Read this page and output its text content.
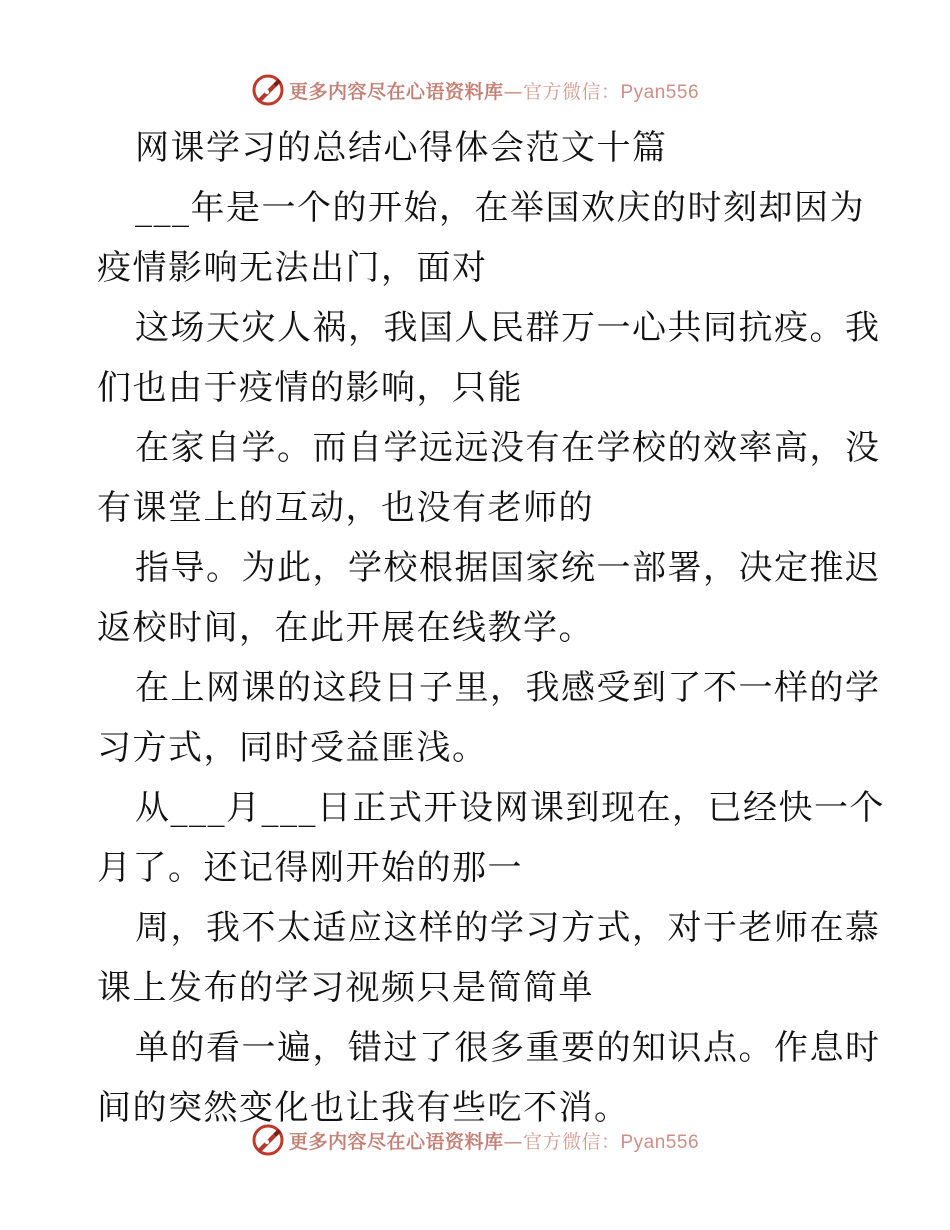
更多内容尽在心语资料库—官方微信：Pyan556
网课学习的总结心得体会范文十篇
___年是一个的开始，在举国欢庆的时刻却因为
疫情影响无法出门，面对
这场天灾人祸，我国人民群万一心共同抗疫。我
们也由于疫情的影响，只能
在家自学。而自学远远没有在学校的效率高，没
有课堂上的互动，也没有老师的
指导。为此，学校根据国家统一部署，决定推迟
返校时间，在此开展在线教学。
在上网课的这段日子里，我感受到了不一样的学
习方式，同时受益匪浅。
从___月___日正式开设网课到现在，已经快一个
月了。还记得刚开始的那一
周，我不太适应这样的学习方式，对于老师在慕
课上发布的学习视频只是简简单
单的看一遍，错过了很多重要的知识点。作息时
间的突然变化也让我有些吃不消。
更多内容尽在心语资料库—官方微信：Pyan556
